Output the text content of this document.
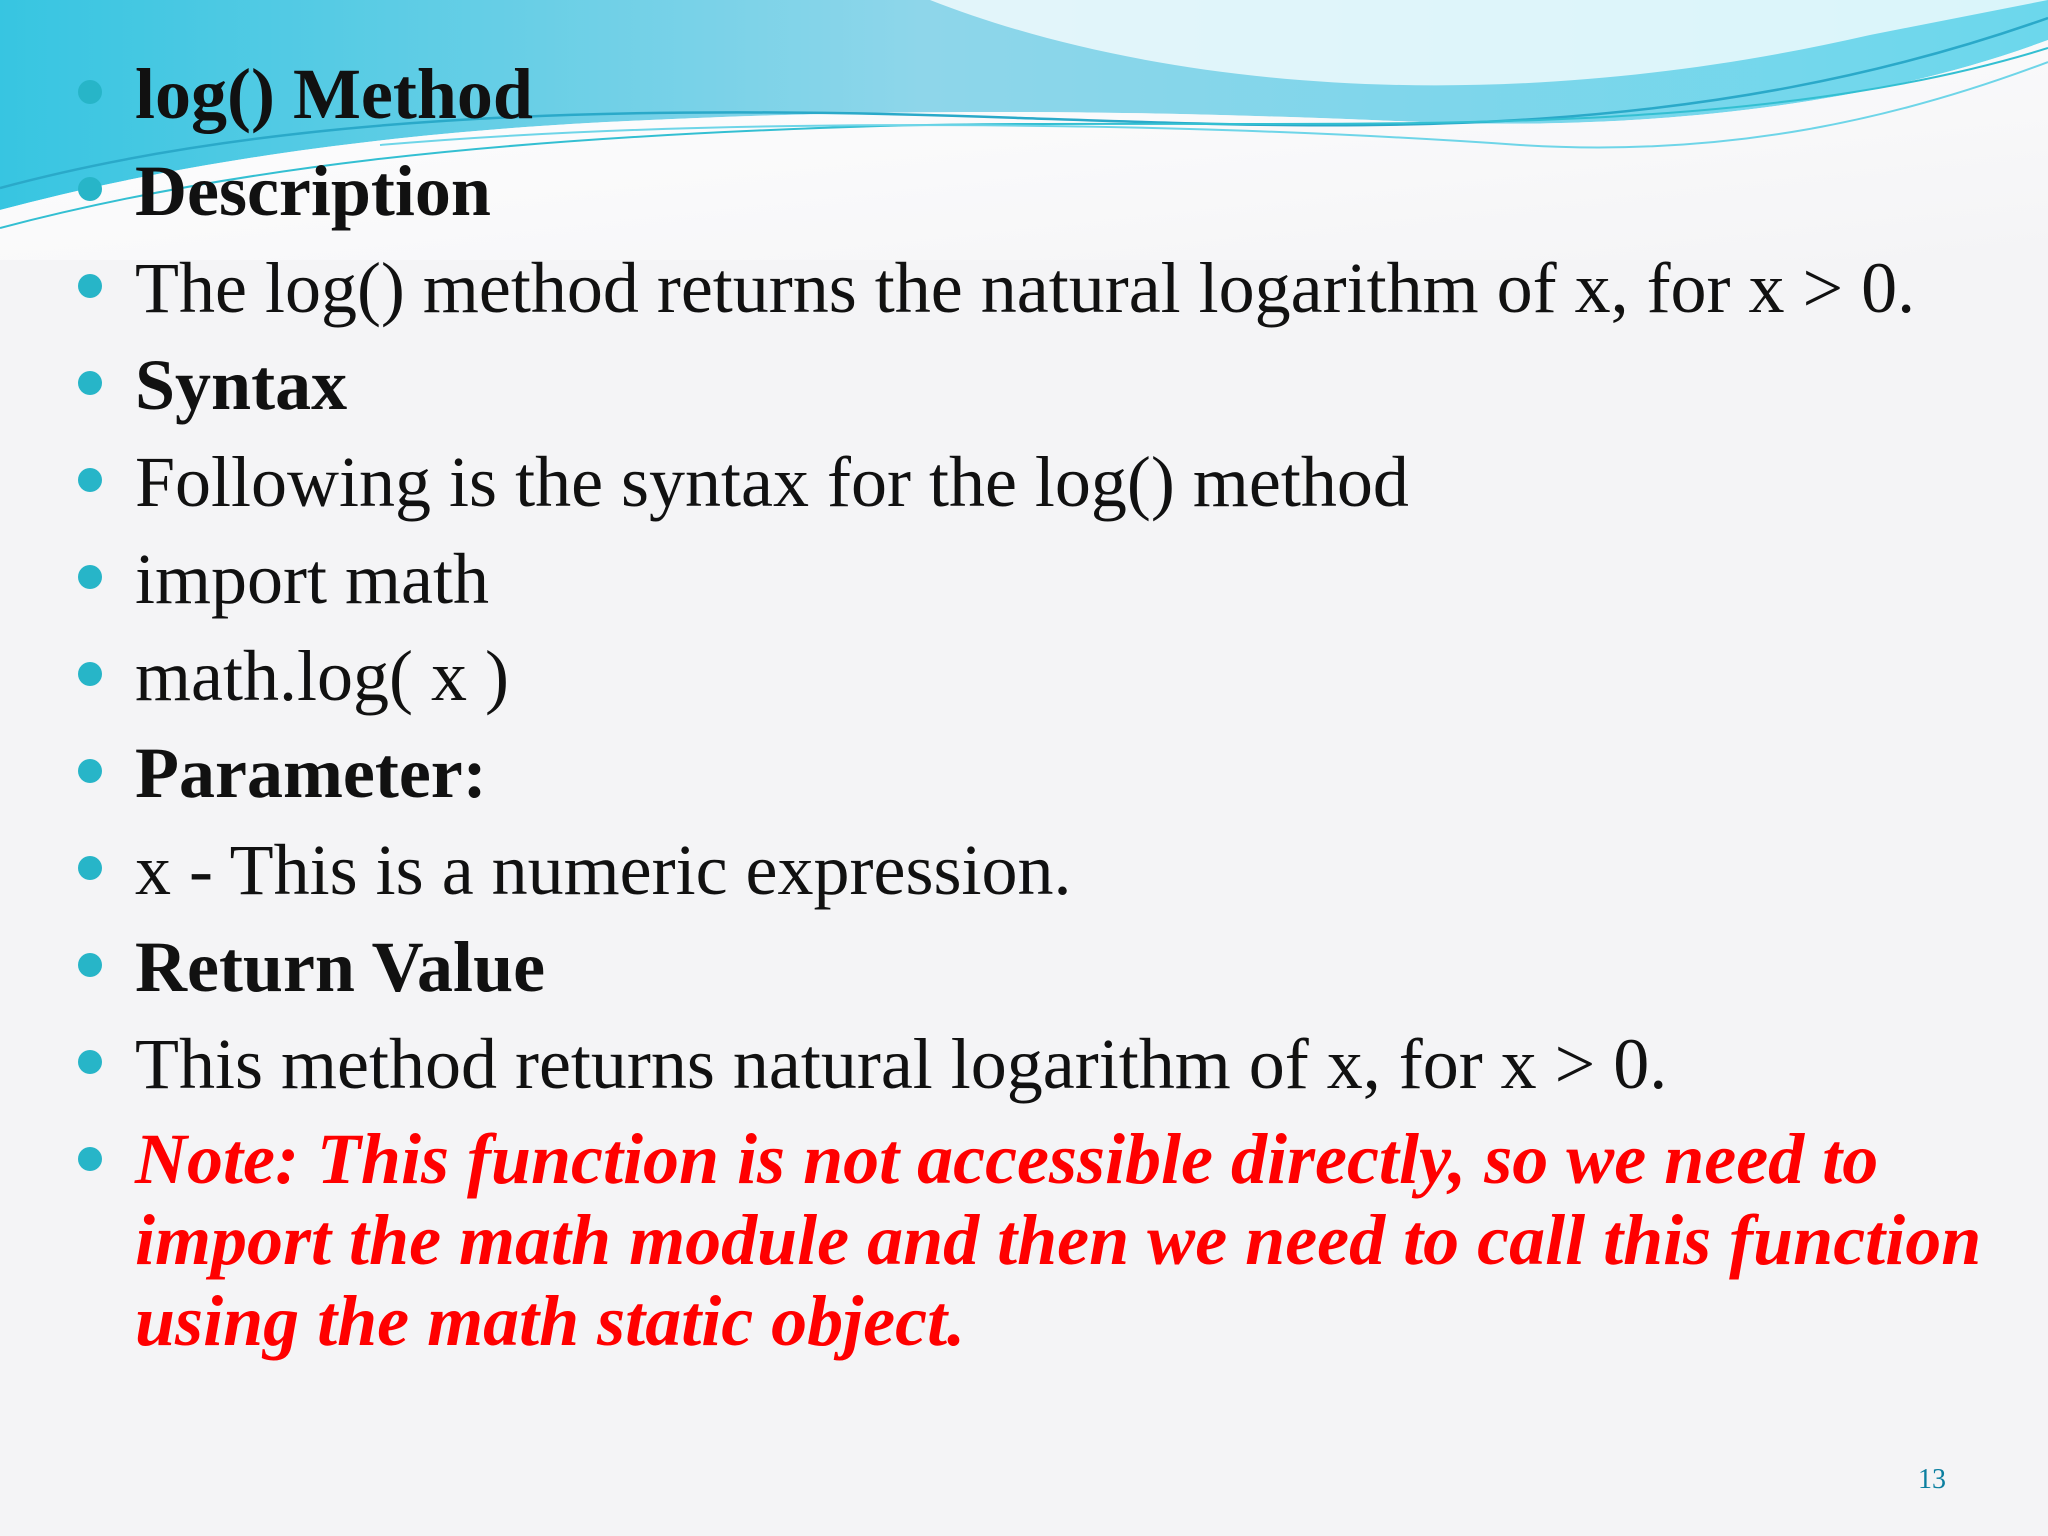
log() Method
Description
The log() method returns the natural logarithm of x, for x > 0.
Syntax
Following is the syntax for the log() method
import math
math.log( x )
Parameter:
x - This is a numeric expression.
Return Value
This method returns natural logarithm of x, for x > 0.
Note: This function is not accessible directly, so we need to import the math module and then we need to call this function using the math static object.
13
